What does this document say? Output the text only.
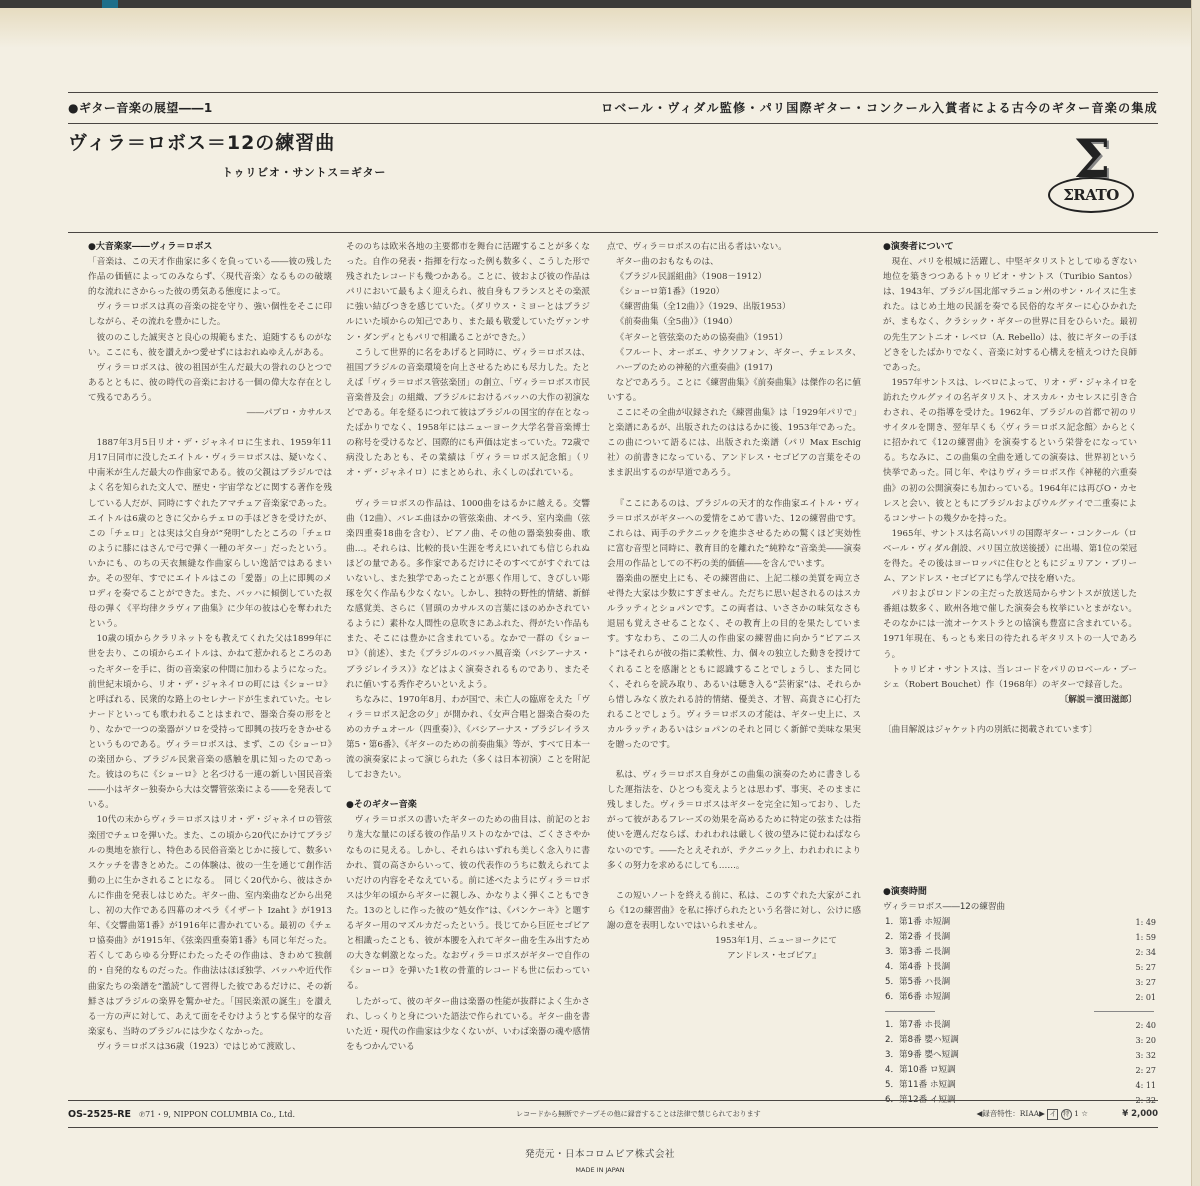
●ギター音楽の展望――1	ロベール・ヴィダル監修・パリ国際ギター・コンクール入賞者による古今のギター音楽の集成
ヴィラ＝ロボス＝12の練習曲
トゥリビオ・サントス＝ギター	Σ
ΣRATO

●大音楽家――ヴィラ＝ロボス

「音楽は、この天才作曲家に多くを負っている――彼の残した作品の価値によってのみならず、〈現代音楽〉なるものの破壊的な流れにさからった彼の勇気ある態度によって。

ヴィラ＝ロボスは真の音楽の掟を守り、強い個性をそこに印しながら、その流れを豊かにした。

彼ののこした誠実さと良心の規範もまた、追随するものがない。ここにも、彼を讃えかつ愛せずにはおれぬゆえんがある。

ヴィラ＝ロボスは、彼の祖国が生んだ最大の誉れのひとつであるとともに、彼の時代の音楽における一個の偉大な存在として残るであろう。

――パブロ・カサルス

1887年3月5日リオ・デ・ジャネイロに生まれ、1959年11月17日同市に没したエイトル・ヴィラ＝ロボスは、疑いなく、中南米が生んだ最大の作曲家である。彼の父親はブラジルではよく名を知られた文人で、歴史・宇宙学などに関する著作を残している人だが、同時にすぐれたアマチュア音楽家であった。エイトルは6歳のときに父からチェロの手ほどきを受けたが、この「チェロ」とは実は父自身が“発明”したところの「チェロのように膝にはさんで弓で弾く一種のギター」だったという。いかにも、のちの天衣無縫な作曲家らしい逸話ではあるまいか。その翌年、すでにエイトルはこの「愛器」の上に即興のメロディを奏でることができた。また、バッハに傾倒していた叔母の弾く《平均律クラヴィア曲集》に少年の彼は心を奪われたという。

10歳の頃からクラリネットをも教えてくれた父は1899年に世を去り、この頃からエイトルは、かねて惹かれるところのあったギターを手に、街の音楽家の仲間に加わるようになった。前世紀末頃から、リオ・デ・ジャネイロの町には《ショーロ》と呼ばれる、民衆的な路上のセレナードが生まれていた。セレナードといっても歌われることはまれで、器楽合奏の形をとり、なかで一つの楽器がソロを受持って即興の技巧をきかせるというものである。ヴィラ＝ロボスは、まず、この《ショーロ》の楽団から、ブラジル民衆音楽の感触を肌に知ったのであった。彼はのちに《ショーロ》と名づける一連の新しい国民音楽――小はギター独奏から大は交響管弦楽による――を発表している。

10代の末からヴィラ＝ロボスはリオ・デ・ジャネイロの管弦楽団でチェロを弾いた。また、この頃から20代にかけてブラジルの奥地を旅行し、特色ある民俗音楽とじかに接して、数多いスケッチを書きとめた。この体験は、彼の一生を通じて創作活動の上に生かされることになる。　同じく20代から、彼はさかんに作曲を発表しはじめた。ギター曲、室内楽曲などから出発し、初の大作である四幕のオペラ《イザート Izaht 》が1913年、《交響曲第1番》が1916年に書かれている。最初の《チェロ協奏曲》が1915年、《弦楽四重奏第1番》も同じ年だった。若くしてあらゆる分野にわたったその作曲は、きわめて独創的・自発的なものだった。作曲法はほぼ独学、バッハや近代作曲家たちの楽譜を“濫読”して習得した彼であるだけに、その新鮮さはブラジルの楽界を驚かせた。「国民楽派の誕生」を讃える一方の声に対して、あえて面をそむけようとする保守的な音楽家も、当時のブラジルには少なくなかった。

ヴィラ＝ロボスは36歳（1923）ではじめて渡欧し、

そののちは欧米各地の主要都市を舞台に活躍することが多くなった。自作の発表・指揮を行なった例も数多く、こうした形で残されたレコードも幾つかある。ことに、彼および彼の作品はパリにおいて最もよく迎えられ、彼自身もフランスとその楽派に強い結びつきを感じていた。（ダリウス・ミヨーとはブラジルにいた頃からの知己であり、また最も敬愛していたヴァンサン・ダンディともパリで相識ることができた。）

こうして世界的に名をあげると同時に、ヴィラ＝ロボスは、祖国ブラジルの音楽環境を向上させるためにも尽力した。たとえば「ヴィラ＝ロボス管弦楽団」の創立、「ヴィラ＝ロボス市民音楽普及会」の組織、ブラジルにおけるバッハの大作の初演などである。年を経るにつれて彼はブラジルの国宝的存在となったばかりでなく、1958年にはニューヨーク大学名誉音楽博士の称号を受けるなど、国際的にも声価は定まっていた。72歳で病没したあとも、その業績は「ヴィラ＝ロボス記念館」（リオ・デ・ジャネイロ）にまとめられ、永くしのばれている。

ヴィラ＝ロボスの作品は、1000曲をはるかに越える。交響曲（12曲）、バレエ曲ほかの管弦楽曲、オペラ、室内楽曲（弦楽四重奏18曲を含む）、ピアノ曲、その他の器楽独奏曲、歌曲…。それらは、比較的長い生涯を考えにいれても信じられぬほどの量である。多作家であるだけにそのすべてがすぐれてはいないし、また独学であったことが悪く作用して、きびしい彫琢を欠く作品も少なくない。しかし、独特の野性的情緒、新鮮な感覚美、さらに（冒頭のカサルスの言葉にほのめかされているように）素朴な人間性の息吹きにあふれた、得がたい作品もまた、そこには豊かに含まれている。なかで一群の《ショーロ》（前述）、また《ブラジルのバッハ風音楽（バシアーナス・ブラジレイラス）》などはよく演奏されるものであり、またそれに値いする秀作ぞろいといえよう。

ちなみに、1970年8月、わが国で、未亡人の臨席をえた「ヴィラ＝ロボス記念の夕」が開かれ、《女声合唱と器楽合奏のためのカチュオール（四重奏）》、《バシアーナス・ブラジレイラス第5・第6番》、《ギターのための前奏曲集》等が、すべて日本一流の演奏家によって演じられた（多くは日本初演）ことを附記しておきたい。

●そのギター音楽

ヴィラ＝ロボスの書いたギターのための曲目は、前記のとおり尨大な量にのぼる彼の作品リストのなかでは、ごくささやかなものに見える。しかし、それらはいずれも美しく念入りに書かれ、質の高さからいって、彼の代表作のうちに数えられてよいだけの内容をそなえている。前に述べたようにヴィラ＝ロボスは少年の頃からギターに親しみ、かなりよく弾くこともできた。13のとしに作った彼の“処女作”は、《パンケーキ》と題するギター用のマズルカだったという。長じてから巨匠セゴビアと相識ったことも、彼が本腰を入れてギター曲を生み出すための大きな刺激となった。なおヴィラ＝ロボスがギターで自作の《ショーロ》を弾いた1枚の骨董的レコードも世に伝わっている。

したがって、彼のギター曲は楽器の性能が抜群によく生かされ、しっくりと身についた語法で作られている。ギター曲を書いた近・現代の作曲家は少なくないが、いわば楽器の魂や感情をもつかんでいる

点で、ヴィラ＝ロボスの右に出る者はいない。

ギター曲のおもなものは、

《ブラジル民謡組曲》（1908－1912）

《ショーロ第1番》（1920）

《練習曲集（全12曲）》（1929、出版1953）

《前奏曲集（全5曲）》（1940）

《ギターと管弦楽のための協奏曲》（1951）

《フルート、オーボエ、サクソフォン、ギター、チェレスタ、ハープのための神秘的六重奏曲》(1917)

などであろう。ことに《練習曲集》《前奏曲集》は傑作の名に値いする。

ここにその全曲が収録された《練習曲集》は「1929年パリで」と楽譜にあるが、出版されたのははるかに後、1953年であった。この曲について語るには、出版された楽譜（パリ Max Eschig 社）の前書きになっている、アンドレス・セゴビアの言葉をそのまま訳出するのが早道であろう。

『ここにあるのは、ブラジルの天才的な作曲家エイトル・ヴィラ＝ロボスがギターへの愛情をこめて書いた、12の練習曲です。これらは、両手のテクニックを進歩させるための驚くほど実効性に富む音型と同時に、教育目的を離れた“純粋な”音楽美――演奏会用の作品としての不朽の美的価値――を含んでいます。

器楽曲の歴史上にも、その練習曲に、上記二様の美質を両立させ得た大家は少数にすぎません。ただちに思い起されるのはスカルラッティとショパンです。この両者は、いささかの味気なさも退屈も覚えさせることなく、その教育上の目的を果たしています。すなわち、この二人の作曲家の練習曲に向かう“ピアニスト”はそれらが彼の指に柔軟性、力、個々の独立した動きを授けてくれることを感謝とともに認識することでしょうし、また同じく、それらを読み取り、あるいは聴き入る“芸術家”は、それらから惜しみなく放たれる詩的情緒、優美さ、才智、高貴さに心打たれることでしょう。ヴィラ＝ロボスの才能は、ギター史上に、スカルラッティあるいはショパンのそれと同じく新鮮で美味な果実を贈ったのです。

私は、ヴィラ＝ロボス自身がこの曲集の演奏のために書きしるした運指法を、ひとつも変えようとは思わず、事実、そのままに残しました。ヴィラ＝ロボスはギターを完全に知っており、したがって彼があるフレーズの効果を高めるために特定の弦または指使いを選んだならば、われわれは厳しく彼の望みに従わねばならないのです。――たとえそれが、テクニック上、われわれにより多くの努力を求めるにしても……。

この短いノートを終える前に、私は、このすぐれた大家がこれら《12の練習曲》を私に捧げられたという名誉に対し、公けに感謝の意を表明しないではいられません。

1953年1月、ニューヨークにて

アンドレス・セゴビア』

●演奏者について

現在、パリを根城に活躍し、中堅ギタリストとしてゆるぎない地位を築きつつあるトゥリビオ・サントス（Turibio Santos）は、1943年、ブラジル国北部マラニョン州のサン・ルイスに生まれた。はじめ土地の民謡を奏でる民俗的なギターに心ひかれたが、まもなく、クラシック・ギターの世界に目をひらいた。最初の先生アントニオ・レベロ（A. Rebello）は、彼にギターの手ほどきをしたばかりでなく、音楽に対する心構えを植えつけた良師であった。

1957年サントスは、レベロによって、リオ・デ・ジャネイロを訪れたウルグァイの名ギタリスト、オスカル・カセレスに引き合わされ、その指導を受けた。1962年、ブラジルの首都で初のリサイタルを開き、翌年早くも〈ヴィラ＝ロボス記念館〉からとくに招かれて《12の練習曲》を演奏するという栄誉をになっている。ちなみに、この曲集の全曲を通しての演奏は、世界初という快挙であった。同じ年、やはりヴィラ＝ロボス作《神秘的六重奏曲》の初の公開演奏にも加わっている。1964年には再びO・カセレスと会い、彼とともにブラジルおよびウルグァイで二重奏によるコンサートの幾夕かを持った。

1965年、サントスは名高いパリの国際ギター・コンクール（ロベール・ヴィダル創設、パリ国立放送後援）に出場、第1位の栄冠を得た。その後はヨーロッパに住むとともにジュリアン・ブリーム、アンドレス・セゴビアにも学んで技を磨いた。

パリおよびロンドンの主だった放送局からサントスが放送した番組は数多く、欧州各地で催した演奏会も枚挙にいとまがない。そのなかには一流オーケストラとの協演も豊富に含まれている。1971年現在、もっとも来日の待たれるギタリストの一人であろう。

トゥリビオ・サントスは、当レコードをパリのロベール・ブーシェ（Robert Bouchet）作（1968年）のギターで録音した。

〔解説＝濱田滋郎〕

〔曲目解説はジャケット内の別紙に掲載されています〕

●演奏時間
ヴィラ＝ロボス――12の練習曲
1．第1番 ホ短調	1: 49
2．第2番 イ長調	1: 59
3．第3番 ニ長調	2: 34
4．第4番 ト長調	5: 27
5．第5番 ハ長調	3: 27
6．第6番 ホ短調	2: 01
1．第7番 ホ長調	2: 40
2．第8番 嬰ハ短調	3: 20
3．第9番 嬰ヘ短調	3: 32
4．第10番 ロ短調	2: 27
5．第11番 ホ短調	4: 11
6．第12番 イ短調	2: 32
OS-2525-RE ℗71・9, NIPPON COLUMBIA Co., Ltd.	レコードから無断でテープその他に録音することは法律で禁じられております	◀録音特性：RIAA▶ イ 特 1 ☆	¥ 2,000
発売元・日本コロムビア株式会社
MADE IN JAPAN
